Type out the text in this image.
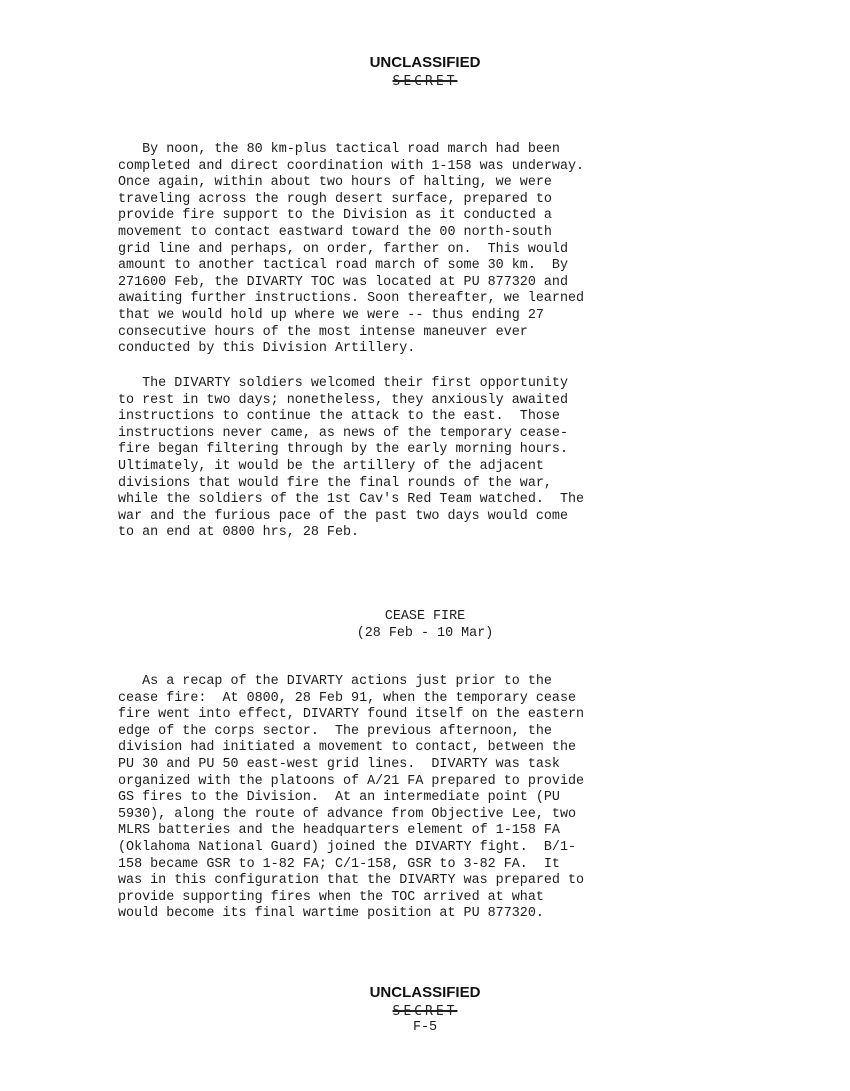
UNCLASSIFIED
SECRET
By noon, the 80 km-plus tactical road march had been
completed and direct coordination with 1-158 was underway.
Once again, within about two hours of halting, we were
traveling across the rough desert surface, prepared to
provide fire support to the Division as it conducted a
movement to contact eastward toward the 00 north-south
grid line and perhaps, on order, farther on.  This would
amount to another tactical road march of some 30 km.  By
271600 Feb, the DIVARTY TOC was located at PU 877320 and
awaiting further instructions. Soon thereafter, we learned
that we would hold up where we were -- thus ending 27
consecutive hours of the most intense maneuver ever
conducted by this Division Artillery.
The DIVARTY soldiers welcomed their first opportunity
to rest in two days; nonetheless, they anxiously awaited
instructions to continue the attack to the east.  Those
instructions never came, as news of the temporary cease-
fire began filtering through by the early morning hours.
Ultimately, it would be the artillery of the adjacent
divisions that would fire the final rounds of the war,
while the soldiers of the 1st Cav's Red Team watched.  The
war and the furious pace of the past two days would come
to an end at 0800 hrs, 28 Feb.
CEASE FIRE
(28 Feb - 10 Mar)
As a recap of the DIVARTY actions just prior to the
cease fire:  At 0800, 28 Feb 91, when the temporary cease
fire went into effect, DIVARTY found itself on the eastern
edge of the corps sector.  The previous afternoon, the
division had initiated a movement to contact, between the
PU 30 and PU 50 east-west grid lines.  DIVARTY was task
organized with the platoons of A/21 FA prepared to provide
GS fires to the Division.  At an intermediate point (PU
5930), along the route of advance from Objective Lee, two
MLRS batteries and the headquarters element of 1-158 FA
(Oklahoma National Guard) joined the DIVARTY fight.  B/1-
158 became GSR to 1-82 FA; C/1-158, GSR to 3-82 FA.  It
was in this configuration that the DIVARTY was prepared to
provide supporting fires when the TOC arrived at what
would become its final wartime position at PU 877320.
UNCLASSIFIED
SECRET
F-5
